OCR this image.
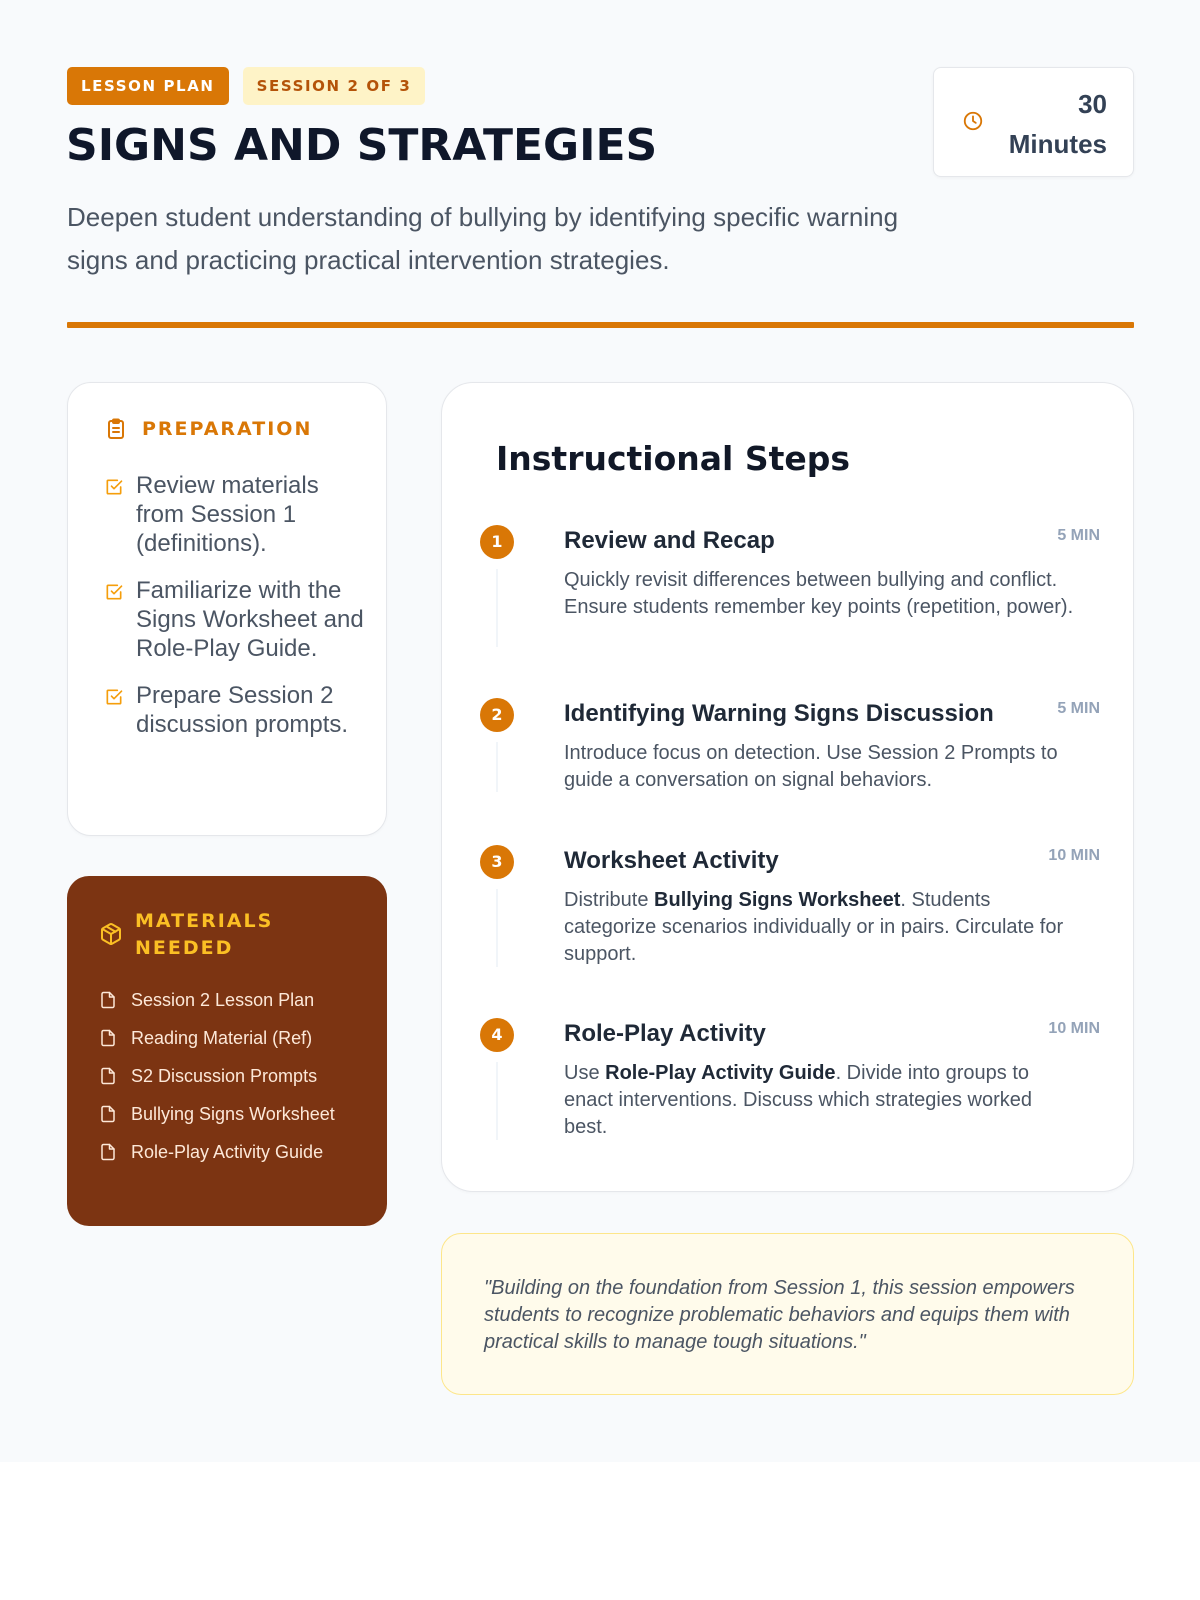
LESSON PLAN	SESSION 2 OF 3
SIGNS AND STRATEGIES
30
Minutes

Deepen student understanding of bullying by identifying specific warning signs and practicing practical intervention strategies.

PREPARATION
Review materials from Session 1 (definitions).
Familiarize with the Signs Worksheet and Role-Play Guide.
Prepare Session 2 discussion prompts.
MATERIALS NEEDED
Session 2 Lesson Plan
Reading Material (Ref)
S2 Discussion Prompts
Bullying Signs Worksheet
Role-Play Activity Guide
Instructional Steps
1	Review and Recap	5 MIN
Quickly revisit differences between bullying and conflict. Ensure students remember key points (repetition, power).
2	Identifying Warning Signs Discussion	5 MIN
Introduce focus on detection. Use Session 2 Prompts to guide a conversation on signal behaviors.
3	Worksheet Activity	10 MIN
Distribute Bullying Signs Worksheet. Students categorize scenarios individually or in pairs. Circulate for support.
4	Role-Play Activity	10 MIN
Use Role-Play Activity Guide. Divide into groups to enact interventions. Discuss which strategies worked best.

"Building on the foundation from Session 1, this session empowers students to recognize problematic behaviors and equips them with practical skills to manage tough situations."
